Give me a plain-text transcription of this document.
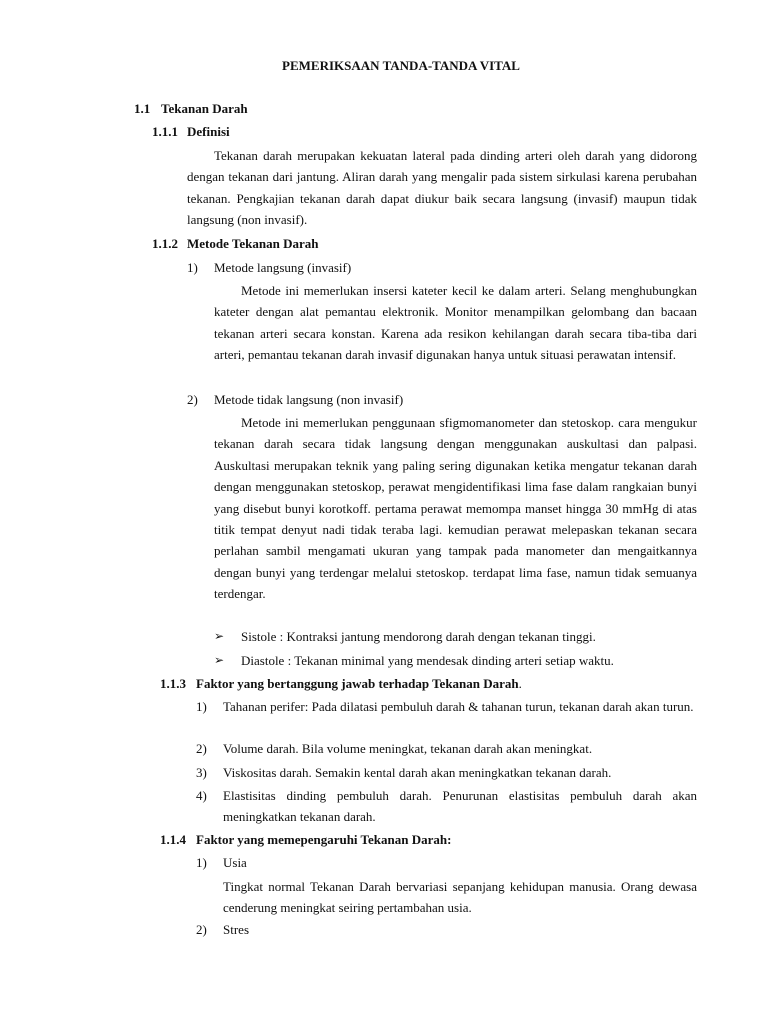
PEMERIKSAAN TANDA-TANDA VITAL
1.1 Tekanan Darah
1.1.1 Definisi
Tekanan darah merupakan kekuatan lateral pada dinding arteri oleh darah yang didorong dengan tekanan dari jantung. Aliran darah yang mengalir pada sistem sirkulasi karena perubahan tekanan. Pengkajian tekanan darah dapat diukur baik secara langsung (invasif) maupun tidak langsung (non invasif).
1.1.2 Metode Tekanan Darah
1) Metode langsung (invasif)
Metode ini memerlukan insersi kateter kecil ke dalam arteri. Selang menghubungkan kateter dengan alat pemantau elektronik. Monitor menampilkan gelombang dan bacaan tekanan arteri secara konstan. Karena ada resikon kehilangan darah secara tiba-tiba dari arteri, pemantau tekanan darah invasif digunakan hanya untuk situasi perawatan intensif.
2) Metode tidak langsung (non invasif)
Metode ini memerlukan penggunaan sfigmomanometer dan stetoskop. cara mengukur tekanan darah secara tidak langsung dengan menggunakan auskultasi dan palpasi. Auskultasi merupakan teknik yang paling sering digunakan ketika mengatur tekanan darah dengan menggunakan stetoskop, perawat mengidentifikasi lima fase dalam rangkaian bunyi yang disebut bunyi korotkoff. pertama perawat memompa manset hingga 30 mmHg di atas titik tempat denyut nadi tidak teraba lagi. kemudian perawat melepaskan tekanan secara perlahan sambil mengamati ukuran yang tampak pada manometer dan mengaitkannya dengan bunyi yang terdengar melalui stetoskop. terdapat lima fase, namun tidak semuanya terdengar.
➢	Sistole : Kontraksi jantung mendorong darah dengan tekanan tinggi.
➢	Diastole : Tekanan minimal yang mendesak dinding arteri setiap waktu.
1.1.3 Faktor yang bertanggung jawab terhadap Tekanan Darah.
1)	Tahanan perifer: Pada dilatasi pembuluh darah & tahanan turun, tekanan darah akan turun.
2)	Volume darah. Bila volume meningkat, tekanan darah akan meningkat.
3)	Viskositas darah. Semakin kental darah akan meningkatkan tekanan darah.
4)	Elastisitas dinding pembuluh darah. Penurunan elastisitas pembuluh darah akan meningkatkan tekanan darah.
1.1.4 Faktor yang memepengaruhi Tekanan Darah:
1) Usia
Tingkat normal Tekanan Darah bervariasi sepanjang kehidupan manusia. Orang dewasa cenderung meningkat seiring pertambahan usia.
2) Stres
